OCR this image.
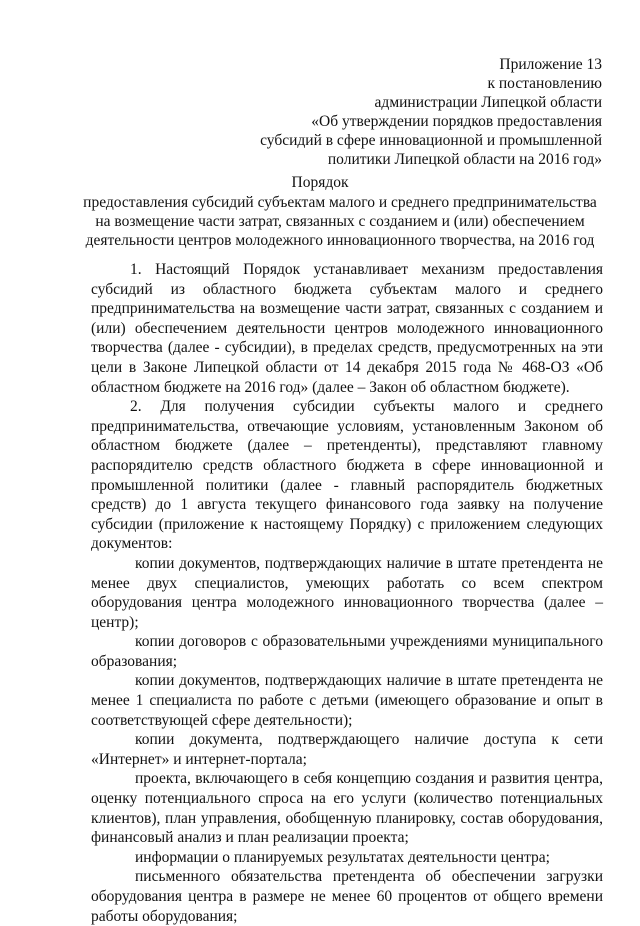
Приложение 13
к постановлению
администрации Липецкой области
«Об утверждении порядков предоставления
субсидий в сфере инновационной и промышленной
политики Липецкой области на 2016 год»
Порядок
предоставления субсидий субъектам малого и среднего предпринимательства
на возмещение части затрат, связанных с созданием и (или) обеспечением
деятельности центров молодежного инновационного творчества, на 2016 год

1. Настоящий Порядок устанавливает механизм предоставления субсидий из областного бюджета субъектам малого и среднего предпринимательства на возмещение части затрат, связанных с созданием и (или) обеспечением деятельности центров молодежного инновационного творчества (далее - субсидии), в пределах средств, предусмотренных на эти цели в Законе Липецкой области от 14 декабря 2015 года № 468-ОЗ «Об областном бюджете на 2016 год» (далее – Закон об областном бюджете).

2. Для получения субсидии субъекты малого и среднего предпринимательства, отвечающие условиям, установленным Законом об областном бюджете (далее – претенденты), представляют главному распорядителю средств областного бюджета в сфере инновационной и промышленной политики (далее - главный распорядитель бюджетных средств) до 1 августа текущего финансового года заявку на получение субсидии (приложение к настоящему Порядку) с приложением следующих документов:

копии документов, подтверждающих наличие в штате претендента не менее двух специалистов, умеющих работать со всем спектром оборудования центра молодежного инновационного творчества (далее – центр);

копии договоров с образовательными учреждениями муниципального образования;

копии документов, подтверждающих наличие в штате претендента не менее 1 специалиста по работе с детьми (имеющего образование и опыт в соответствующей сфере деятельности);

копии документа, подтверждающего наличие доступа к сети «Интернет» и интернет-портала;

проекта, включающего в себя концепцию создания и развития центра, оценку потенциального спроса на его услуги (количество потенциальных клиентов), план управления, обобщенную планировку, состав оборудования, финансовый анализ и план реализации проекта;

информации о планируемых результатах деятельности центра;

письменного обязательства претендента об обеспечении загрузки оборудования центра в размере не менее 60 процентов от общего времени работы оборудования;
